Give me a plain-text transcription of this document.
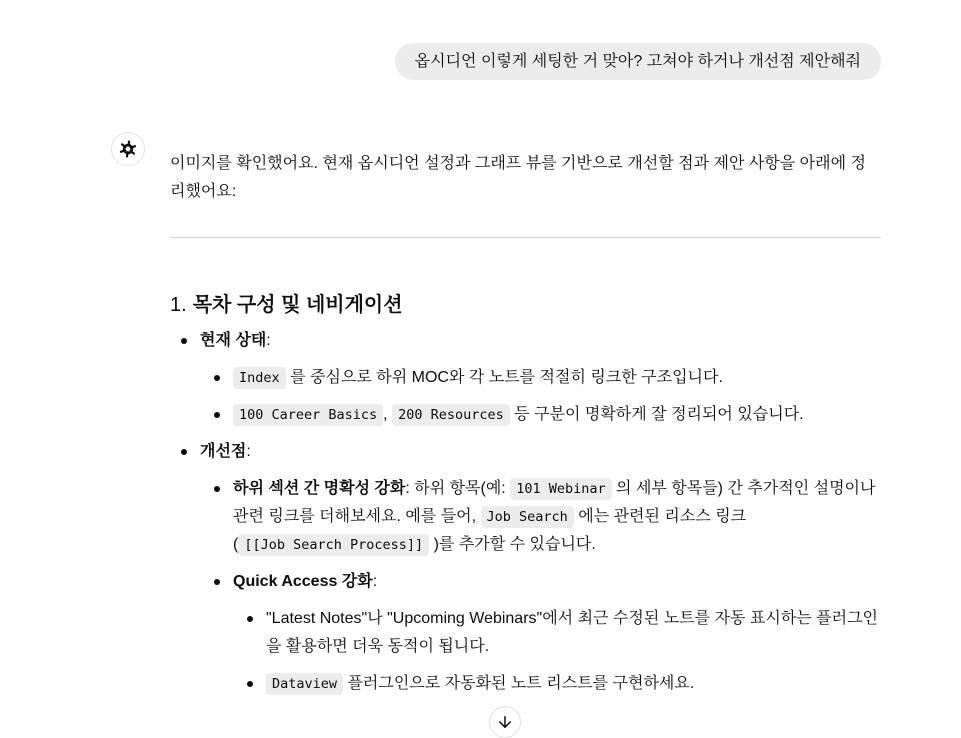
옵시디언 이렇게 세팅한 거 맞아? 고쳐야 하거나 개선점 제안해줘

이미지를 확인했어요. 현재 옵시디언 설정과 그래프 뷰를 기반으로 개선할 점과 제안 사항을 아래에 정리했어요:

1. 목차 구성 및 네비게이션
현재 상태:
Index 를 중심으로 하위 MOC와 각 노트를 적절히 링크한 구조입니다.
100 Career Basics , 200 Resources 등 구분이 명확하게 잘 정리되어 있습니다.
개선점:
하위 섹션 간 명확성 강화: 하위 항목(예: 101 Webinar 의 세부 항목들) 간 추가적인 설명이나 관련 링크를 더해보세요. 예를 들어, Job Search 에는 관련된 리소스 링크( [[Job Search Process]] )를 추가할 수 있습니다.
Quick Access 강화:
"Latest Notes"나 "Upcoming Webinars"에서 최근 수정된 노트를 자동 표시하는 플러그인을 활용하면 더욱 동적이 됩니다.
Dataview 플러그인으로 자동화된 노트 리스트를 구현하세요.
